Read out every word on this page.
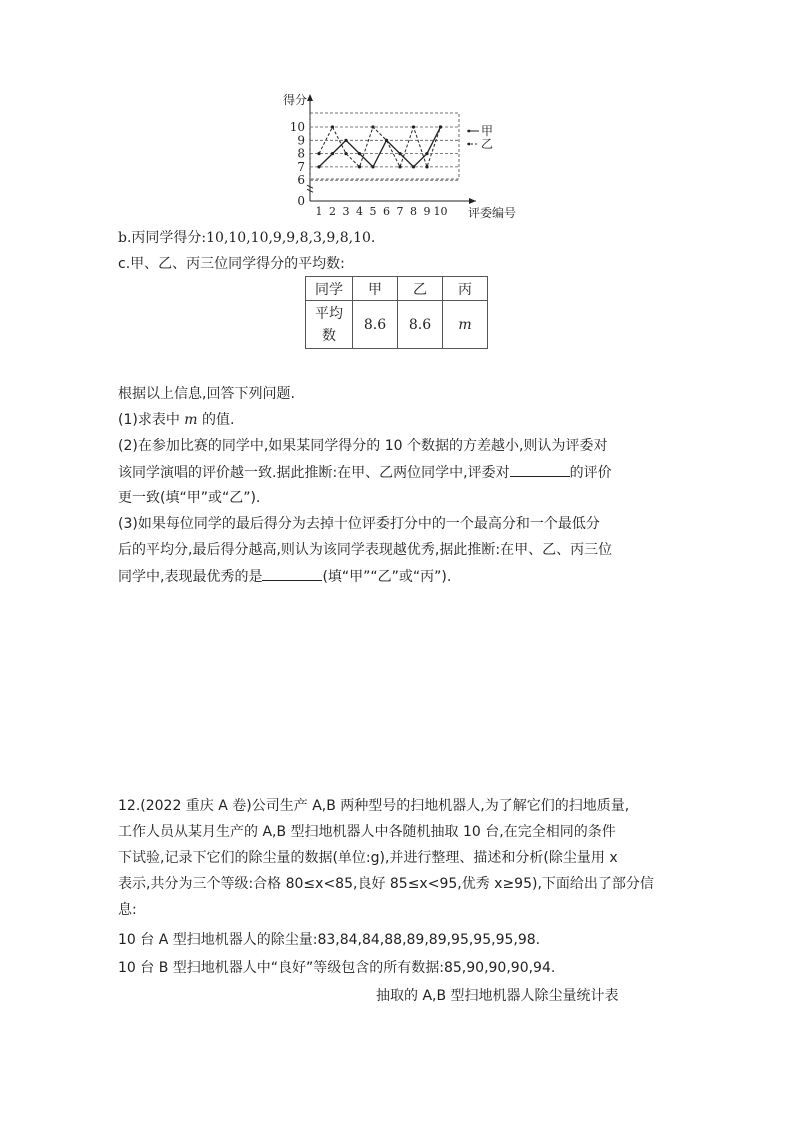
6
7
8
9
10
0
1 2 3 4 5 6 7 8 9 10
得分
评委编号
甲
乙
b.丙同学得分:10,10,10,9,9,8,3,9,8,10.
c.甲、乙、丙三位同学得分的平均数:
同学	甲	乙	丙
平均
数	8.6	8.6	m
根据以上信息,回答下列问题.
(1)求表中 m 的值.
(2)在参加比赛的同学中,如果某同学得分的 10 个数据的方差越小,则认为评委对
该同学演唱的评价越一致.据此推断:在甲、乙两位同学中,评委对	的评价
更一致(填“甲”或“乙”).
(3)如果每位同学的最后得分为去掉十位评委打分中的一个最高分和一个最低分
后的平均分,最后得分越高,则认为该同学表现越优秀,据此推断:在甲、乙、丙三位
同学中,表现最优秀的是	(填“甲”“乙”或“丙”).
12.(2022 重庆 A 卷)公司生产 A,B 两种型号的扫地机器人,为了解它们的扫地质量,
工作人员从某月生产的 A,B 型扫地机器人中各随机抽取 10 台,在完全相同的条件
下试验,记录下它们的除尘量的数据(单位:g),并进行整理、描述和分析(除尘量用 x
表示,共分为三个等级:合格 80≤x<85,良好 85≤x<95,优秀 x≥95),下面给出了部分信
息:
10 台 A 型扫地机器人的除尘量:83,84,84,88,89,89,95,95,95,98.
10 台 B 型扫地机器人中“良好”等级包含的所有数据:85,90,90,90,94.
抽取的 A,B 型扫地机器人除尘量统计表
